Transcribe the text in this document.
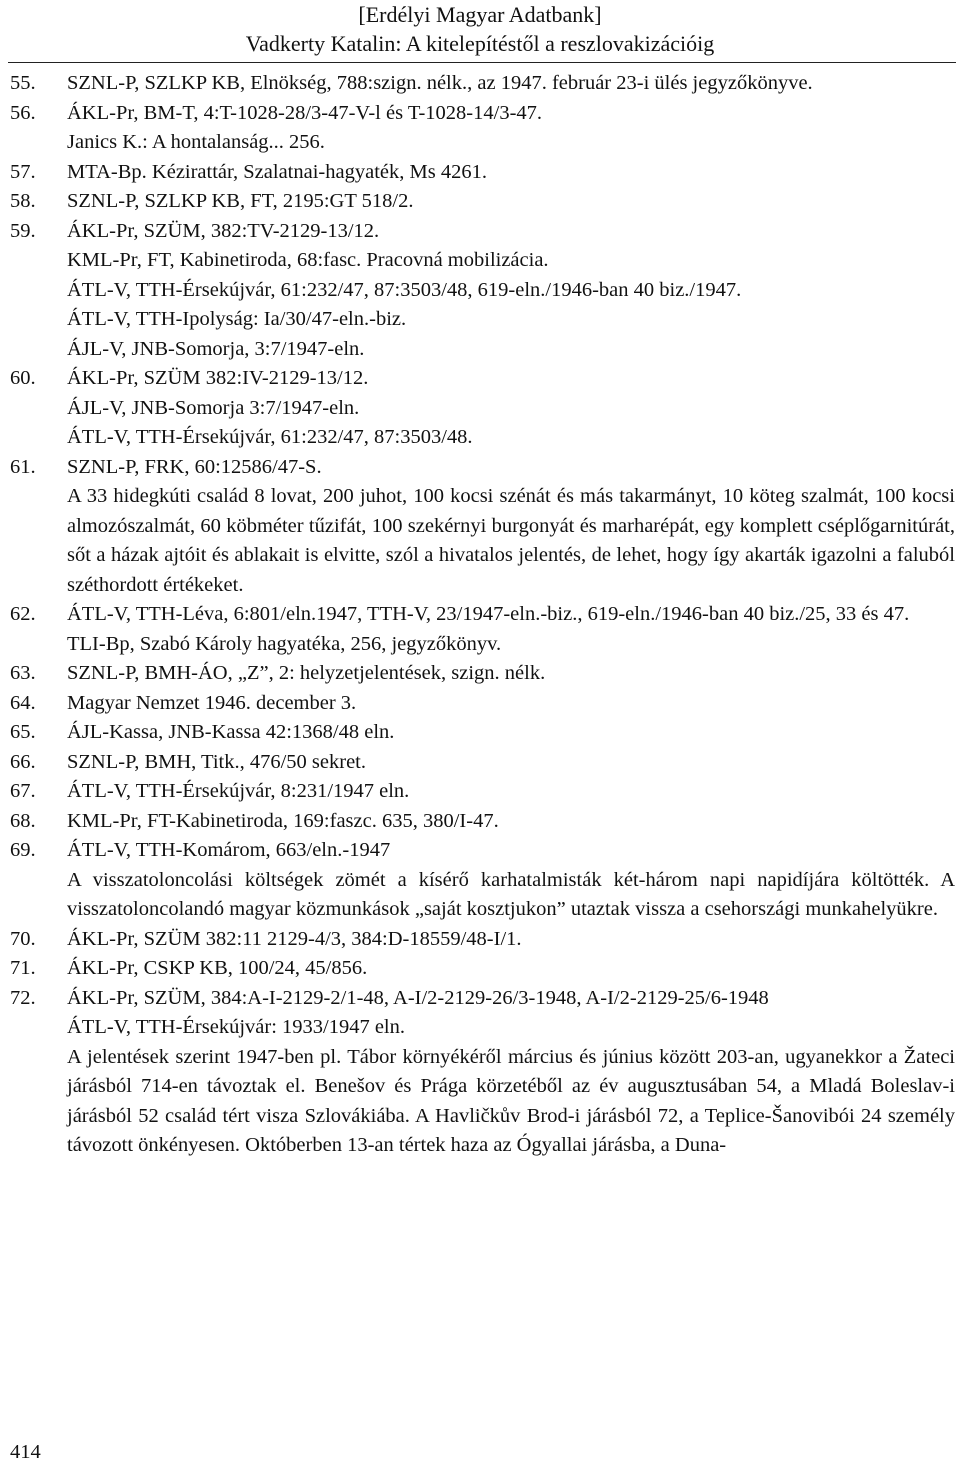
[Erdélyi Magyar Adatbank]
Vadkerty Katalin: A kitelepítéstől a reszlovakizációig
55. SZNL-P, SZLKP KB, Elnökség, 788:szign. nélk., az 1947. február 23-i ülés jegyzőkönyve.
56. ÁKL-Pr, BM-T, 4:T-1028-28/3-47-V-l és T-1028-14/3-47.
Janics K.: A hontalanság... 256.
57. MTA-Bp. Kézirattár, Szalatnai-hagyaték, Ms 4261.
58. SZNL-P, SZLKP KB, FT, 2195:GT 518/2.
59. ÁKL-Pr, SZÜM, 382:TV-2129-13/12.
KML-Pr, FT, Kabinetiroda, 68:fasc. Pracovná mobilizácia.
ÁTL-V, TTH-Érsekújvár, 61:232/47, 87:3503/48, 619-eln./1946-ban 40 biz./1947.
ÁTL-V, TTH-Ipolyság: Ia/30/47-eln.-biz.
ÁJL-V, JNB-Somorja, 3:7/1947-eln.
60. ÁKL-Pr, SZÜM 382:IV-2129-13/12.
ÁJL-V, JNB-Somorja 3:7/1947-eln.
ÁTL-V, TTH-Érsekújvár, 61:232/47, 87:3503/48.
61. SZNL-P, FRK, 60:12586/47-S.
A 33 hidegkúti család 8 lovat, 200 juhot, 100 kocsi szénát és más takarmányt, 10 köteg szalmát, 100 kocsi almozószalmát, 60 köbméter tűzifát, 100 szekérnyi burgonyát és marharépát, egy komplett cséplőgarnitúrát, sőt a házak ajtóit és ablakait is elvitte, szól a hivatalos jelentés, de lehet, hogy így akarták igazolni a faluból széthordott értékeket.
62. ÁTL-V, TTH-Léva, 6:801/eln.1947, TTH-V, 23/1947-eln.-biz., 619-eln./1946-ban 40 biz./25, 33 és 47.
TLI-Bp, Szabó Károly hagyatéka, 256, jegyzőkönyv.
63. SZNL-P, BMH-ÁO, „Z”, 2: helyzetjelentések, szign. nélk.
64. Magyar Nemzet 1946. december 3.
65. ÁJL-Kassa, JNB-Kassa 42:1368/48 eln.
66. SZNL-P, BMH, Titk., 476/50 sekret.
67. ÁTL-V, TTH-Érsekújvár, 8:231/1947 eln.
68. KML-Pr, FT-Kabinetiroda, 169:faszc. 635, 380/I-47.
69. ÁTL-V, TTH-Komárom, 663/eln.-1947
A visszatoloncolási költségek zömét a kísérő karhatalmisták két-három napi napidíjára költötték. A visszatoloncolandó magyar közmunkások „saját kosztjukon” utaztak vissza a csehországi munkahelyükre.
70. ÁKL-Pr, SZÜM 382:11 2129-4/3, 384:D-18559/48-I/1.
71. ÁKL-Pr, CSKP KB, 100/24, 45/856.
72. ÁKL-Pr, SZÜM, 384:A-I-2129-2/1-48, A-I/2-2129-26/3-1948, A-I/2-2129-25/6-1948
ÁTL-V, TTH-Érsekújvár: 1933/1947 eln.
A jelentések szerint 1947-ben pl. Tábor környékéről március és június között 203-an, ugyanekkor a Žateci járásból 714-en távoztak el. Benešov és Prága körzetéből az év augusztusában 54, a Mladá Boleslav-i járásból 52 család tért visza Szlovákiába. A Havličkův Brod-i járásból 72, a Teplice-Šanovibói 24 személy távozott önkényesen. Októberben 13-an tértek haza az Ógyallai járásba, a Duna-
414
